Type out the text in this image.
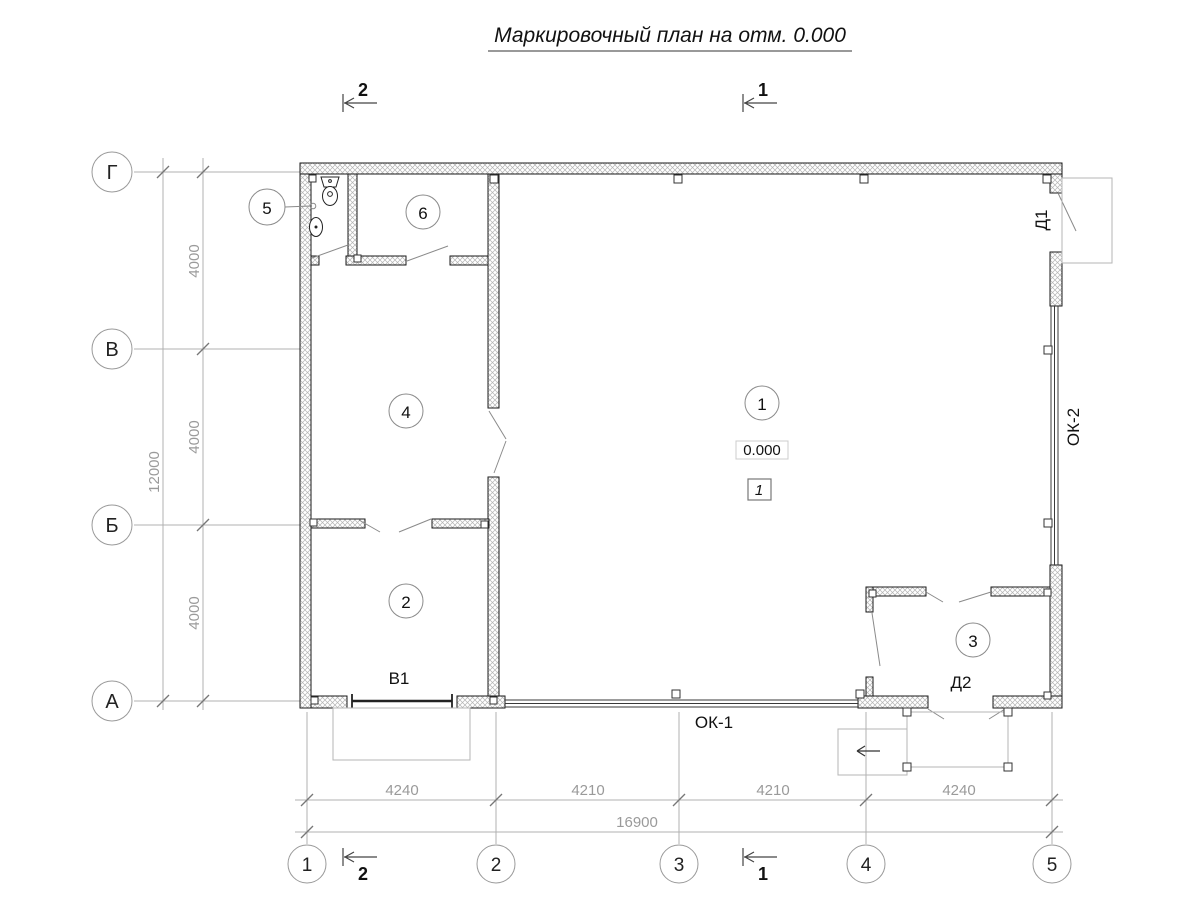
Маркировочный план на отм. 0.000
2	1
4000
4000
4000
12000
4240	4210	4210	4240
16900
Г
В
Б
А
1	2	3	4	5
2	1
1
2
3
4
5	6
0.000
1
Д1
ОК-2
В1
ОК-1
Д2
